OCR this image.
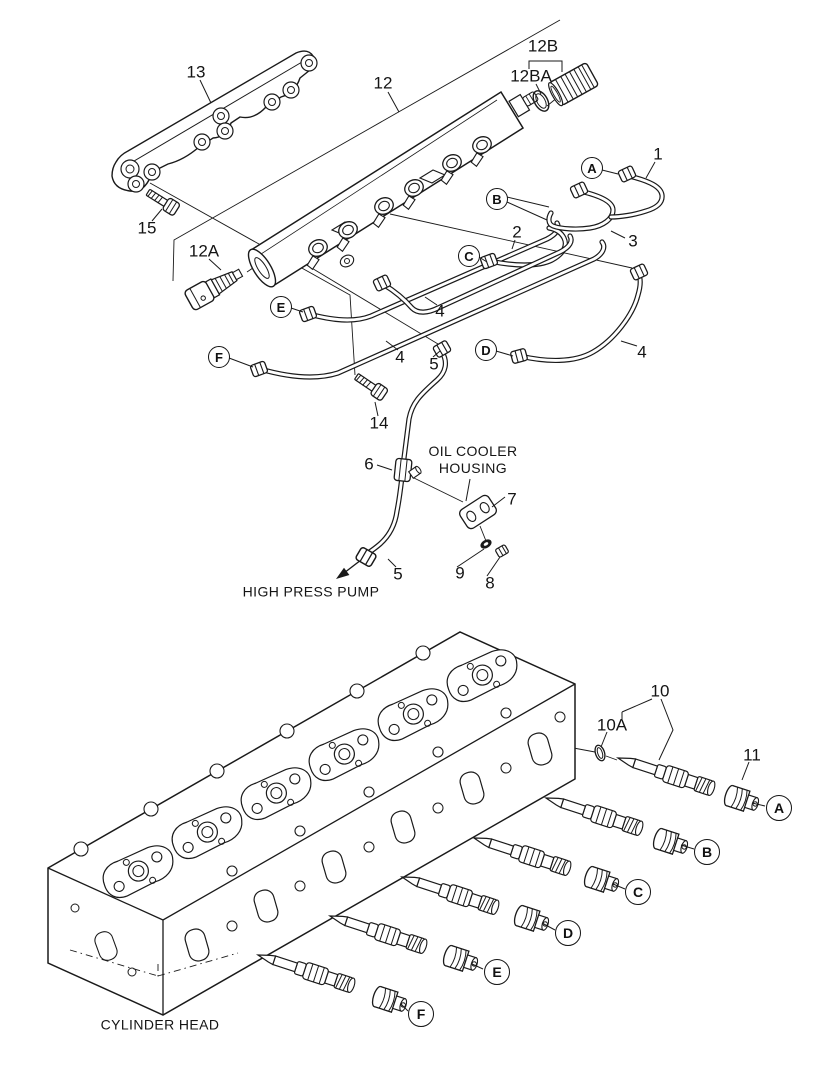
13
12
12B
12BA
15
12A
1
2	3
4
4	4
5
5
6
7
8
9
14
10
10A
11
A
B
C
D
E
F
A
B
C
D
E
F
OIL COOLER
HOUSING
HIGH PRESS PUMP
CYLINDER HEAD
